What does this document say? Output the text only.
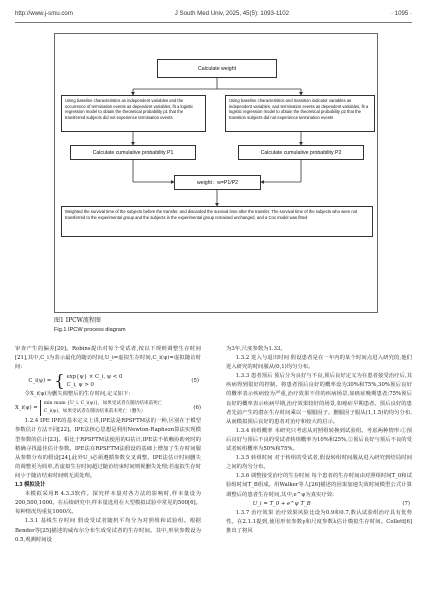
http://www.j-smu.com	J South Med Univ, 2025, 45(5): 1093-1102	· 1095 ·
Calculate weight
Using baseline characteristics as independent variables and the occurrence of termination events as dependent variables, fit a logistic regression model to obtain the theoretical probability p1 that the transferred subjects did not experience termination events
Using baseline characteristics and transition indicator variables as independent variables, and termination events as dependent variables, fit a logistic regression model to obtain the theoretical probability p2 that the transition subjects did not experience termination events
Calculate cumulative probability P1	Calculate cumulative probability P2
weight：w=P1/P2
Weighted the survival time of the subjects before the transfer, and discarded the survival time after the transfer. The survival time of the subjects who were not transferred to the experimental group and the subjects in the experimental group remained unchanged, and a Cox model was fitted
图1 IPCW流程图
Fig.1 IPCW process diagram

审查产生的偏差[20]。Robins提出对每个受试者,按以下规则调整生存时间[21],其中,C_i为表示最化的随访时间,U_i=虚拟生存时间,C_i(ψ)=虚拟随访时间:

C_i(ψ) = { exp{ψ} × C_i, ψ < 0
C_i, ψ > 0
(5)

令X_i(ψ)为删失调整后的生存时间,定义如下:

X_i(ψ) =
min mum {U_i, C_i(ψ)}，如果受试者在随访结束前死亡
C_i(ψ)，如果受试者在随访结束前未死亡（删失）
(6)

1.2.4 IPE IPE的基本定义上讲,IPE法是RPSFTM法的一种,区别在于模型参数估计方法不同[22]。IPE法核心思想是利用Newton-Raphson算法实现模型参数的估计[23]。相比于RPSFTM法使用的G估计,IPE法不依赖协助死时的精确寻找最佳估计参数。IPE法在RPSFTM法假设的基础上增加了生存时间服从参数分布的假设[24],此外U_i必须遵循参数交叉调整。IPE法估计时间删失的调整更为简单,若虚拟生存时间超过随访结束时间则视删失处理;若虚拟生存时间小于随访结束时间则无需处理。

1.3 模拟设计

本模拟采用R 4.3.3软件。探究样本量对各方法的影响时,样本量设为200,500,1000。在后续研究中,样本量选用在大型模拟试验中常见的500[6]。每种情况均重复1000次。

1.3.1 基线生存时间 假设受试者随机平均分为对照组和试验组。根据Bender等[25]描述的威布尔分布生成受试者的生存时间。其中,形状参数设为0.5,观测时间设

为3年,尺度参数为1.33。

1.3.2 进入与退出时间 假设患者是在一年内的某个时间点进入研究的,他们进入研究的时间服从(0,1)均匀分布。

1.3.3 患者预后 预后分为良好与不良,预后良好定义为在患者接受治疗后,其疾病得到很好的控制。将患者预后良好的概率设为30%和75%,30%预后良好的概率表示疾病较为严重,治疗效果不佳的疾病场景,如癌症晚期患者;75%预后良好的概率表示疾病早期,治疗效果较好的场景,如癌症早期患者。预后良好的患者先前产生的潜在生存时间乘以一服服因子。删服因子服从(1,1.5)的均匀分布,从而模拟预后良好的患者对治疗和较大的启示。

1.3.4 转组概率 本研究只考虑从对照组转换到试验组。考虑两种情形:①预后良好与预后不良的受试者转组概率为10%和25%,②预后良好与预后不良的受试者转组概率为50%和75%。

1.3.5 转组时间 对于转组的受试者,假设转组时间服从进入研究到结局时间之间的均匀分布。

1.3.6 调整接受治疗的生存时间 每个患者的生存时间由对照组时间T_0和试验组时间T_B组成。用Walker等人[26]描述的因果加速失效时间模型公式计算调整后的患者生存时间,其中,e^ψ为真实疗效:

U_i = T_0 + e^ψ T_B	(7)

1.3.7 治疗效果 治疗效果风险比设为0.9和0.7,数认试验组治疗具有优势性。在2.1.1提到,使用形状参数γ和尺度参数λ估计模拟生存时间。Collett[6]推出了将风
